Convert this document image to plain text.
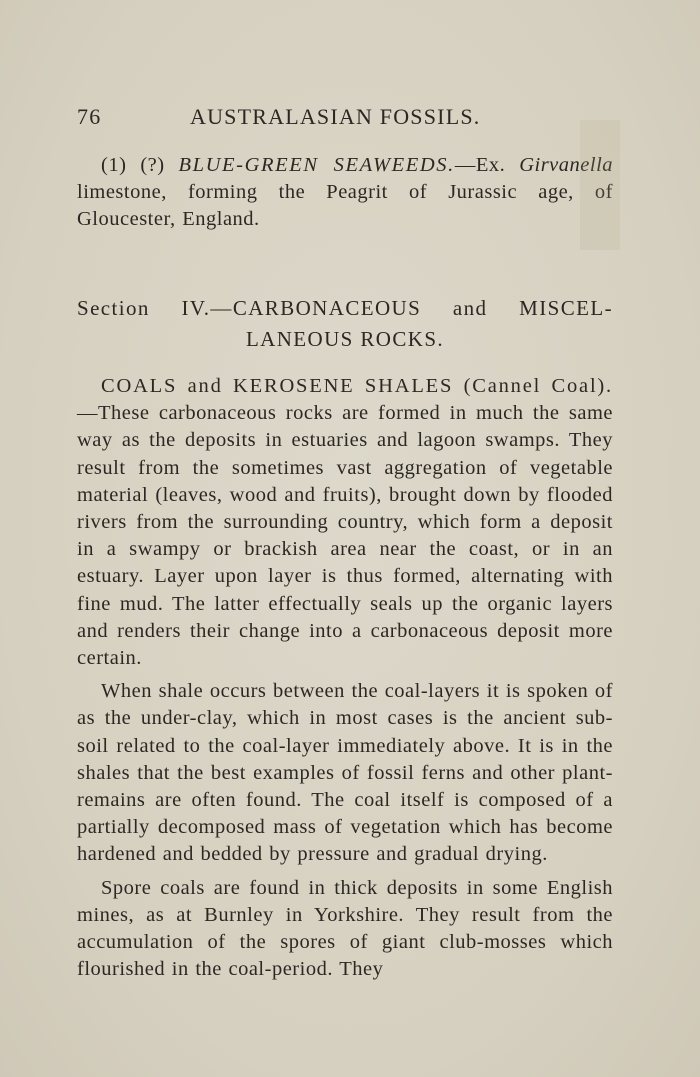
76	AUSTRALASIAN FOSSILS.

(1) (?) BLUE-GREEN SEAWEEDS.—Ex. Girvanella limestone, forming the Peagrit of Jurassic age, of Gloucester, England.

Section IV.—CARBONACEOUS and MISCEL-
LANEOUS ROCKS.

COALS and KEROSENE SHALES (Cannel Coal).—These carbonaceous rocks are formed in much the same way as the deposits in estuaries and lagoon swamps. They result from the sometimes vast aggregation of vegetable material (leaves, wood and fruits), brought down by flooded rivers from the surrounding country, which form a deposit in a swampy or brackish area near the coast, or in an estuary. Layer upon layer is thus formed, alternating with fine mud. The latter effectually seals up the organic layers and renders their change into a carbonaceous deposit more certain.

When shale occurs between the coal-layers it is spoken of as the under-clay, which in most cases is the ancient sub-soil related to the coal-layer immediately above. It is in the shales that the best examples of fossil ferns and other plant-remains are often found. The coal itself is composed of a partially decomposed mass of vegetation which has become hardened and bedded by pressure and gradual drying.

Spore coals are found in thick deposits in some English mines, as at Burnley in Yorkshire. They result from the accumulation of the spores of giant club-mosses which flourished in the coal-period. They
